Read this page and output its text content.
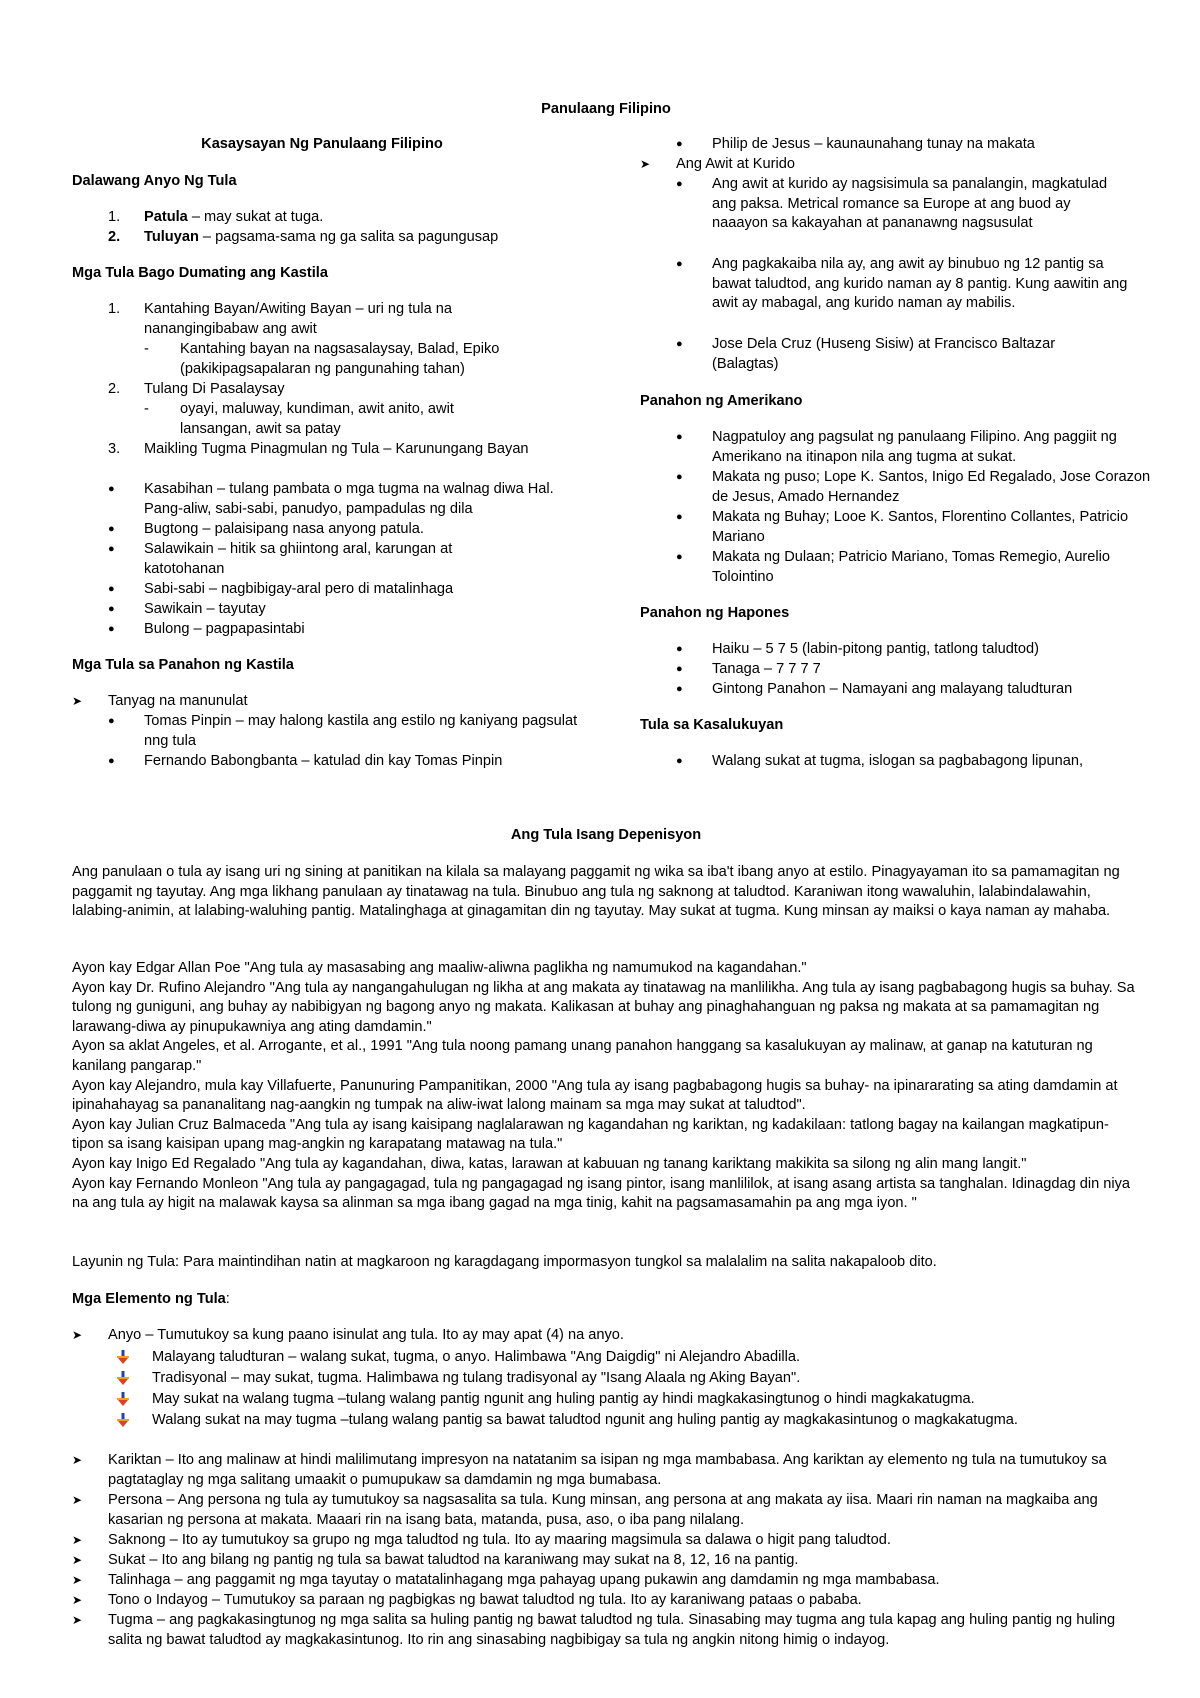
Panulaang Filipino
Kasaysayan Ng Panulaang Filipino
Dalawang Anyo Ng Tula
1. Patula – may sukat at tuga.
2. Tuluyan – pagsama-sama ng ga salita sa pagungusap
Mga Tula Bago Dumating ang Kastila
1. Kantahing Bayan/Awiting Bayan – uri ng tula na nanangingibabaw ang awit
- Kantahing bayan na nagsasalaysay, Balad, Epiko (pakikipagsapalaran ng pangunahing tahan)
2. Tulang Di Pasalaysay
- oyayi, maluway, kundiman, awit anito, awit lansangan, awit sa patay
3. Maikling Tugma Pinagmulan ng Tula – Karunungang Bayan
● Kasabihan – tulang pambata o mga tugma na walnag diwa Hal. Pang-aliw, sabi-sabi, panudyo, pampadulas ng dila
● Bugtong – palaisipang nasa anyong patula.
● Salawikain – hitik sa ghiintong aral, karungan at katotohanan
● Sabi-sabi – nagbibigay-aral pero di matalinhaga
● Sawikain – tayutay
● Bulong – pagpapasintabi
Mga Tula sa Panahon ng Kastila
➤ Tanyag na manunulat
● Tomas Pinpin – may halong kastila ang estilo ng kaniyang pagsulat nng tula
● Fernando Babongbanta – katulad din kay Tomas Pinpin
● Philip de Jesus – kaunaunahang tunay na makata
➤ Ang Awit at Kurido
● Ang awit at kurido ay nagsisimula sa panalangin, magkatulad ang paksa. Metrical romance sa Europe at ang buod ay naaayon sa kakayahan at pananawng nagsusulat
● Ang pagkakaiba nila ay, ang awit ay binubuo ng 12 pantig sa bawat taludtod, ang kurido naman ay 8 pantig. Kung aawitin ang awit ay mabagal, ang kurido naman ay mabilis.
● Jose Dela Cruz (Huseng Sisiw) at Francisco Baltazar (Balagtas)
Panahon ng Amerikano
● Nagpatuloy ang pagsulat ng panulaang Filipino. Ang paggiit ng Amerikano na itinapon nila ang tugma at sukat.
● Makata ng puso; Lope K. Santos, Inigo Ed Regalado, Jose Corazon de Jesus, Amado Hernandez
● Makata ng Buhay; Looe K. Santos, Florentino Collantes, Patricio Mariano
● Makata ng Dulaan; Patricio Mariano, Tomas Remegio, Aurelio Tolointino
Panahon ng Hapones
● Haiku – 5 7 5 (labin-pitong pantig, tatlong taludtod)
● Tanaga – 7 7 7 7
● Gintong Panahon – Namayani ang malayang taludturan
Tula sa Kasalukuyan
● Walang sukat at tugma, islogan sa pagbabagong lipunan,
Ang Tula Isang Depenisyon
Ang panulaan o tula ay isang uri ng sining at panitikan na kilala sa malayang paggamit ng wika sa iba't ibang anyo at estilo. Pinagyayaman ito sa pamamagitan ng paggamit ng tayutay. Ang mga likhang panulaan ay tinatawag na tula. Binubuo ang tula ng saknong at taludtod. Karaniwan itong wawaluhin, lalabindalawahin, lalabing-animin, at lalabing-waluhing pantig. Matalinghaga at ginagamitan din ng tayutay. May sukat at tugma. Kung minsan ay maiksi o kaya naman ay mahaba.

Ayon kay Edgar Allan Poe "Ang tula ay masasabing ang maaliw-aliwna paglikha ng namumukod na kagandahan."

Ayon kay Dr. Rufino Alejandro "Ang tula ay nangangahulugan ng likha at ang makata ay tinatawag na manlilikha. Ang tula ay isang pagbabagong hugis sa buhay. Sa tulong ng guniguni, ang buhay ay nabibigyan ng bagong anyo ng makata. Kalikasan at buhay ang pinaghahanguan ng paksa ng makata at sa pamamagitan ng larawang-diwa ay pinupukawniya ang ating damdamin."

Ayon sa aklat Angeles, et al. Arrogante, et al., 1991 "Ang tula noong pamang unang panahon hanggang sa kasalukuyan ay malinaw, at ganap na katuturan ng kanilang pangarap."

Ayon kay Alejandro, mula kay Villafuerte, Panunuring Pampanitikan, 2000 "Ang tula ay isang pagbabagong hugis sa buhay- na ipinararating sa ating damdamin at ipinahahayag sa pananalitang nag-aangkin ng tumpak na aliw-iwat lalong mainam sa mga may sukat at taludtod".

Ayon kay Julian Cruz Balmaceda "Ang tula ay isang kaisipang naglalarawan ng kagandahan ng kariktan, ng kadakilaan: tatlong bagay na kailangan magkatipun-tipon sa isang kaisipan upang mag-angkin ng karapatang matawag na tula."

Ayon kay Inigo Ed Regalado "Ang tula ay kagandahan, diwa, katas, larawan at kabuuan ng tanang kariktang makikita sa silong ng alin mang langit."

Ayon kay Fernando Monleon "Ang tula ay pangagagad, tula ng pangagagad ng isang pintor, isang manlililok, at isang asang artista sa tanghalan. Idinagdag din niya na ang tula ay higit na malawak kaysa sa alinman sa mga ibang gagad na mga tinig, kahit na pagsamasamahin pa ang mga iyon. "

Layunin ng Tula: Para maintindihan natin at magkaroon ng karagdagang impormasyon tungkol sa malalalim na salita nakapaloob dito.
Mga Elemento ng Tula:
➤ Anyo – Tumutukoy sa kung paano isinulat ang tula. Ito ay may apat (4) na anyo.
Malayang taludturan – walang sukat, tugma, o anyo. Halimbawa "Ang Daigdig" ni Alejandro Abadilla.
Tradisyonal – may sukat, tugma. Halimbawa ng tulang tradisyonal ay "Isang Alaala ng Aking Bayan".
May sukat na walang tugma –tulang walang pantig ngunit ang huling pantig ay hindi magkakasingtunog o hindi magkakatugma.
Walang sukat na may tugma –tulang walang pantig sa bawat taludtod ngunit ang huling pantig ay magkakasintunog o magkakatugma.
➤ Kariktan – Ito ang malinaw at hindi malilimutang impresyon na natatanim sa isipan ng mga mambabasa. Ang kariktan ay elemento ng tula na tumutukoy sa pagtataglay ng mga salitang umaakit o pumupukaw sa damdamin ng mga bumabasa.
➤ Persona – Ang persona ng tula ay tumutukoy sa nagsasalita sa tula. Kung minsan, ang persona at ang makata ay iisa. Maari rin naman na magkaiba ang kasarian ng persona at makata. Maaari rin na isang bata, matanda, pusa, aso, o iba pang nilalang.
➤ Saknong – Ito ay tumutukoy sa grupo ng mga taludtod ng tula. Ito ay maaring magsimula sa dalawa o higit pang taludtod.
➤ Sukat – Ito ang bilang ng pantig ng tula sa bawat taludtod na karaniwang may sukat na 8, 12, 16 na pantig.
➤ Talinhaga – ang paggamit ng mga tayutay o matatalinhagang mga pahayag upang pukawin ang damdamin ng mga mambabasa.
➤ Tono o Indayog – Tumutukoy sa paraan ng pagbigkas ng bawat taludtod ng tula. Ito ay karaniwang pataas o pababa.
➤ Tugma – ang pagkakasingtunog ng mga salita sa huling pantig ng bawat taludtod ng tula. Sinasabing may tugma ang tula kapag ang huling pantig ng huling salita ng bawat taludtod ay magkakasintunog. Ito rin ang sinasabing nagbibigay sa tula ng angkin nitong himig o indayog.
